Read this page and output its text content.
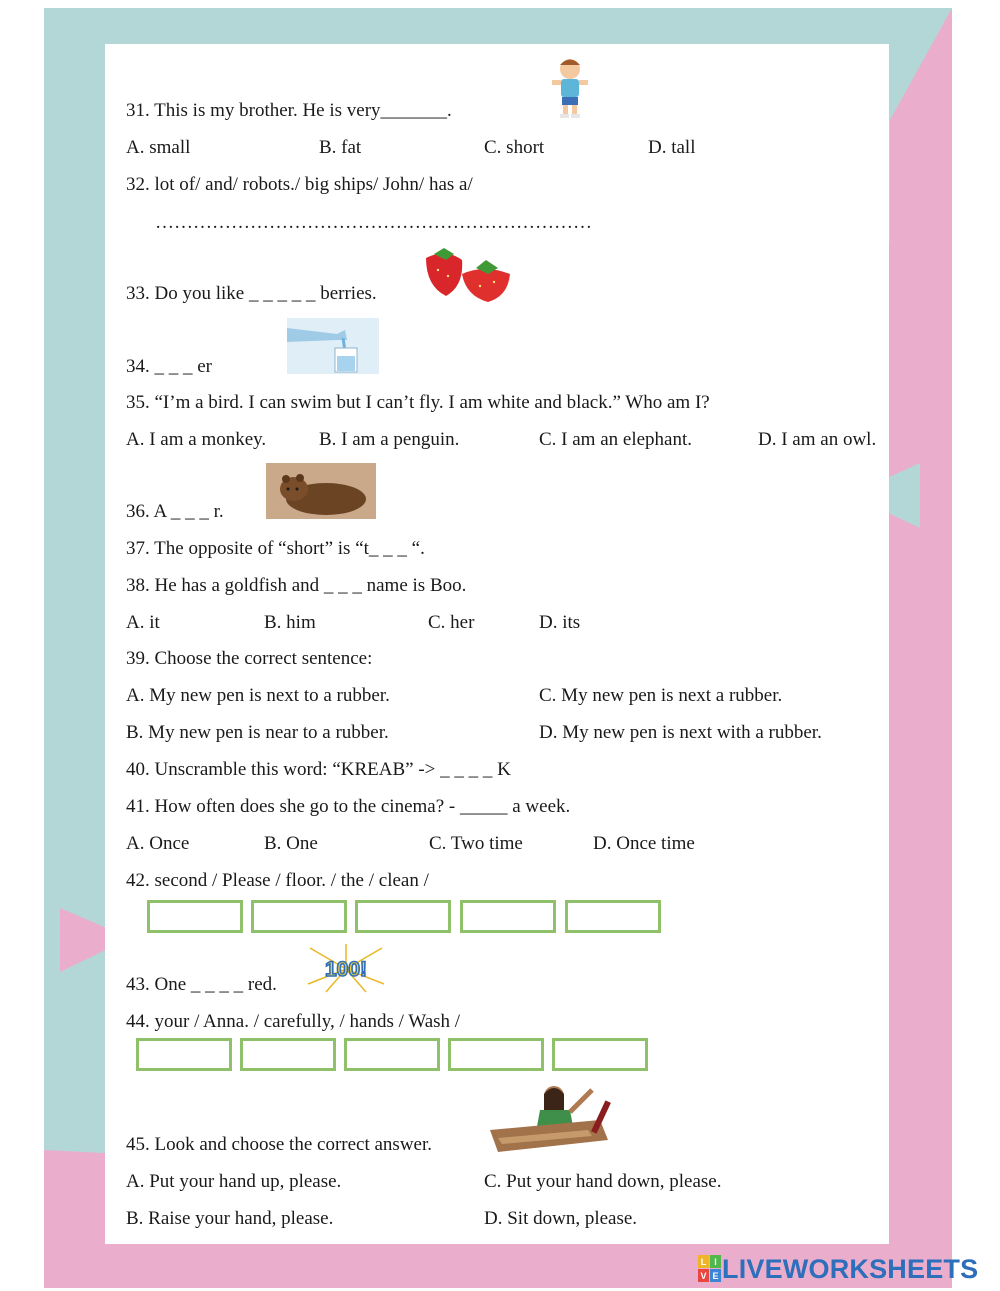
31. This is my brother. He is very_______.
A. small	B. fat	C. short	D. tall
32. lot of/ and/ robots./ big ships/ John/ has a/
……………………………………………………………
33. Do you like _ _ _ _ _ berries.
34. _ _ _ er
35. “I’m a bird. I can swim but I can’t fly. I am white and black.” Who am I?
A. I am a monkey.	B. I am a penguin.	C. I am an elephant.	D. I am an owl.
36. A _ _ _ r.
37. The opposite of “short” is “t_ _ _ “.
38. He has a goldfish and _ _ _ name is Boo.
A. it	B. him	C. her	D. its
39. Choose the correct sentence:
A. My new pen is next to a rubber.	C. My new pen is next a rubber.
B. My new pen is near to a rubber.	D. My new pen is next with a rubber.
40. Unscramble this word: “KREAB” -> _ _ _ _ K
41. How often does she go to the cinema? - _____ a week.
A. Once	B. One	C. Two time	D. Once time
42. second / Please / floor. / the / clean /
43. One _ _ _ _ red.
100!
44. your / Anna. / carefully, / hands / Wash /
45. Look and choose the correct answer.
A. Put your hand up, please.	C. Put your hand down, please.
B. Raise your hand, please.	D. Sit down, please.
L I
V E LIVEWORKSHEETS
